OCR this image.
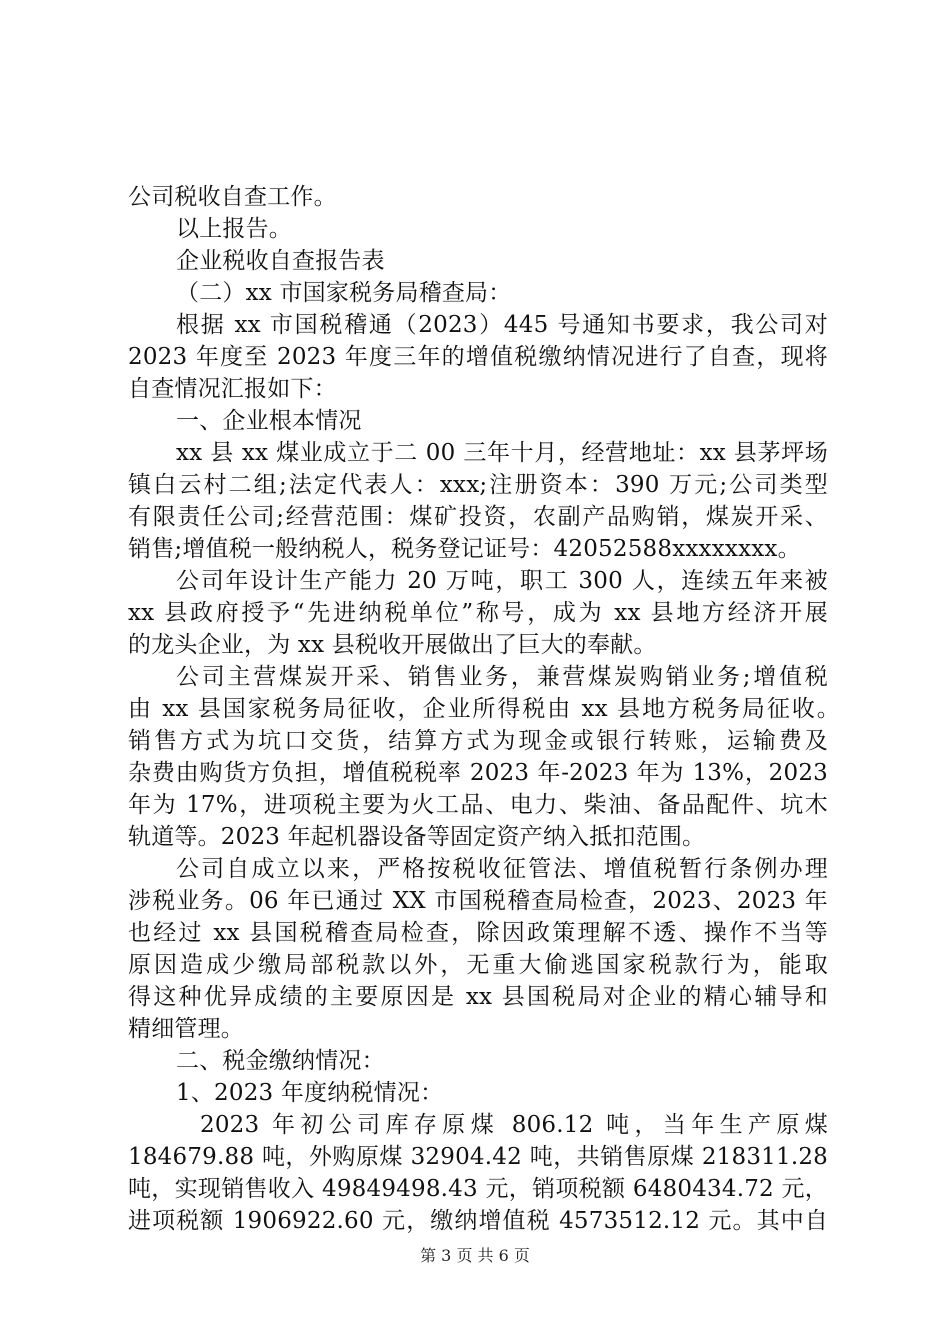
公司税收自查工作。
以上报告。
企业税收自查报告表
（二）xx 市国家税务局稽查局：
根据 xx 市国税稽通（2023）445 号通知书要求，我公司对
2023 年度至 2023 年度三年的增值税缴纳情况进行了自查，现将
自查情况汇报如下：
一、企业根本情况
xx 县 xx 煤业成立于二 00 三年十月，经营地址：xx 县茅坪场
镇白云村二组;法定代表人：xxx;注册资本：390 万元;公司类型
有限责任公司;经营范围：煤矿投资，农副产品购销，煤炭开采、
销售;增值税一般纳税人，税务登记证号：42052588xxxxxxxx。
公司年设计生产能力 20 万吨，职工 300 人，连续五年来被
xx 县政府授予“先进纳税单位”称号，成为 xx 县地方经济开展
的龙头企业，为 xx 县税收开展做出了巨大的奉献。
公司主营煤炭开采、销售业务，兼营煤炭购销业务;增值税
由 xx 县国家税务局征收，企业所得税由 xx 县地方税务局征收。
销售方式为坑口交货，结算方式为现金或银行转账，运输费及
杂费由购货方负担，增值税税率 2023 年-2023 年为 13%，2023
年为 17%，进项税主要为火工品、电力、柴油、备品配件、坑木
轨道等。2023 年起机器设备等固定资产纳入抵扣范围。
公司自成立以来，严格按税收征管法、增值税暂行条例办理
涉税业务。06 年已通过 XX 市国税稽查局检查，2023、2023 年
也经过 xx 县国税稽查局检查，除因政策理解不透、操作不当等
原因造成少缴局部税款以外，无重大偷逃国家税款行为，能取
得这种优异成绩的主要原因是 xx 县国税局对企业的精心辅导和
精细管理。
二、税金缴纳情况：
1、2023 年度纳税情况：
2023 年初公司库存原煤 806.12 吨，当年生产原煤
184679.88 吨，外购原煤 32904.42 吨，共销售原煤 218311.28
吨，实现销售收入 49849498.43 元，销项税额 6480434.72 元，
进项税额 1906922.60 元，缴纳增值税 4573512.12 元。其中自
第 3 页 共 6 页
